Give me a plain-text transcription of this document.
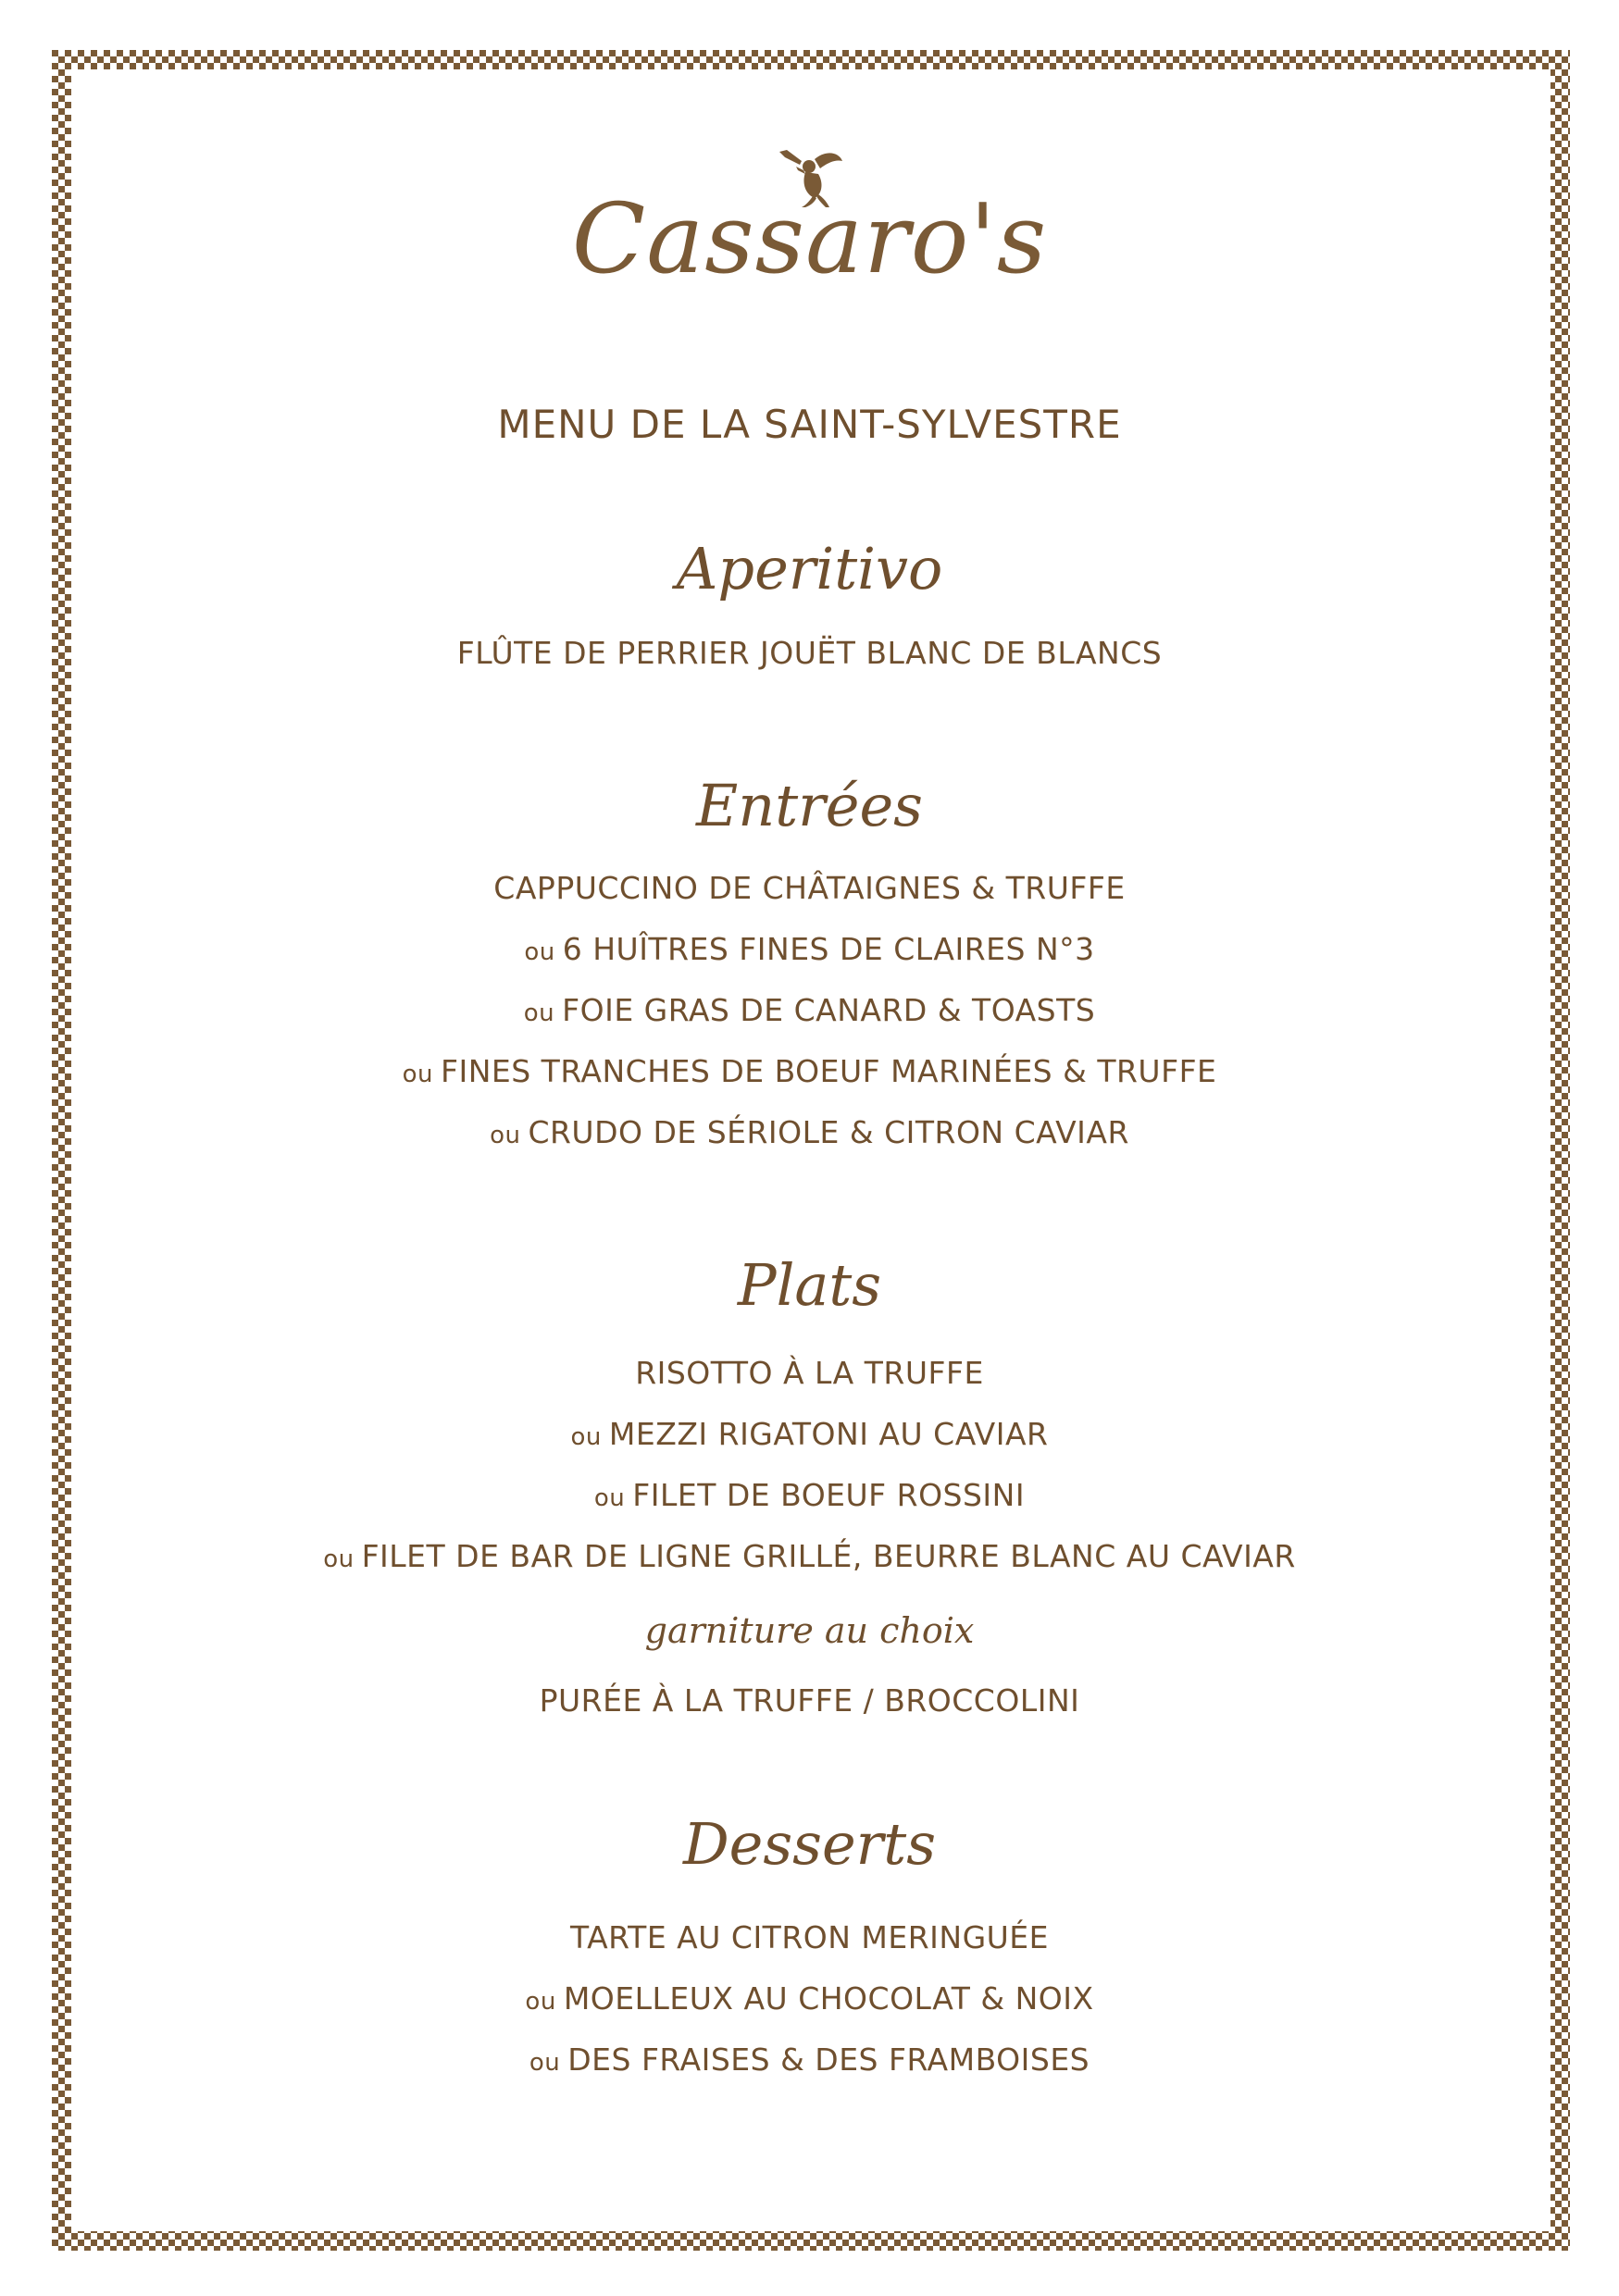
Cassaro's
MENU DE LA SAINT-SYLVESTRE
Aperitivo
FLÛTE DE PERRIER JOUËT BLANC DE BLANCS
Entrées
CAPPUCCINO DE CHÂTAIGNES & TRUFFE
ou 6 HUÎTRES FINES DE CLAIRES N°3
ou FOIE GRAS DE CANARD & TOASTS
ou FINES TRANCHES DE BOEUF MARINÉES & TRUFFE
ou CRUDO DE SÉRIOLE & CITRON CAVIAR
Plats
RISOTTO À LA TRUFFE
ou MEZZI RIGATONI AU CAVIAR
ou FILET DE BOEUF ROSSINI
ou FILET DE BAR DE LIGNE GRILLÉ, BEURRE BLANC AU CAVIAR
garniture au choix
PURÉE À LA TRUFFE / BROCCOLINI
Desserts
TARTE AU CITRON MERINGUÉE
ou MOELLEUX AU CHOCOLAT & NOIX
ou DES FRAISES & DES FRAMBOISES
